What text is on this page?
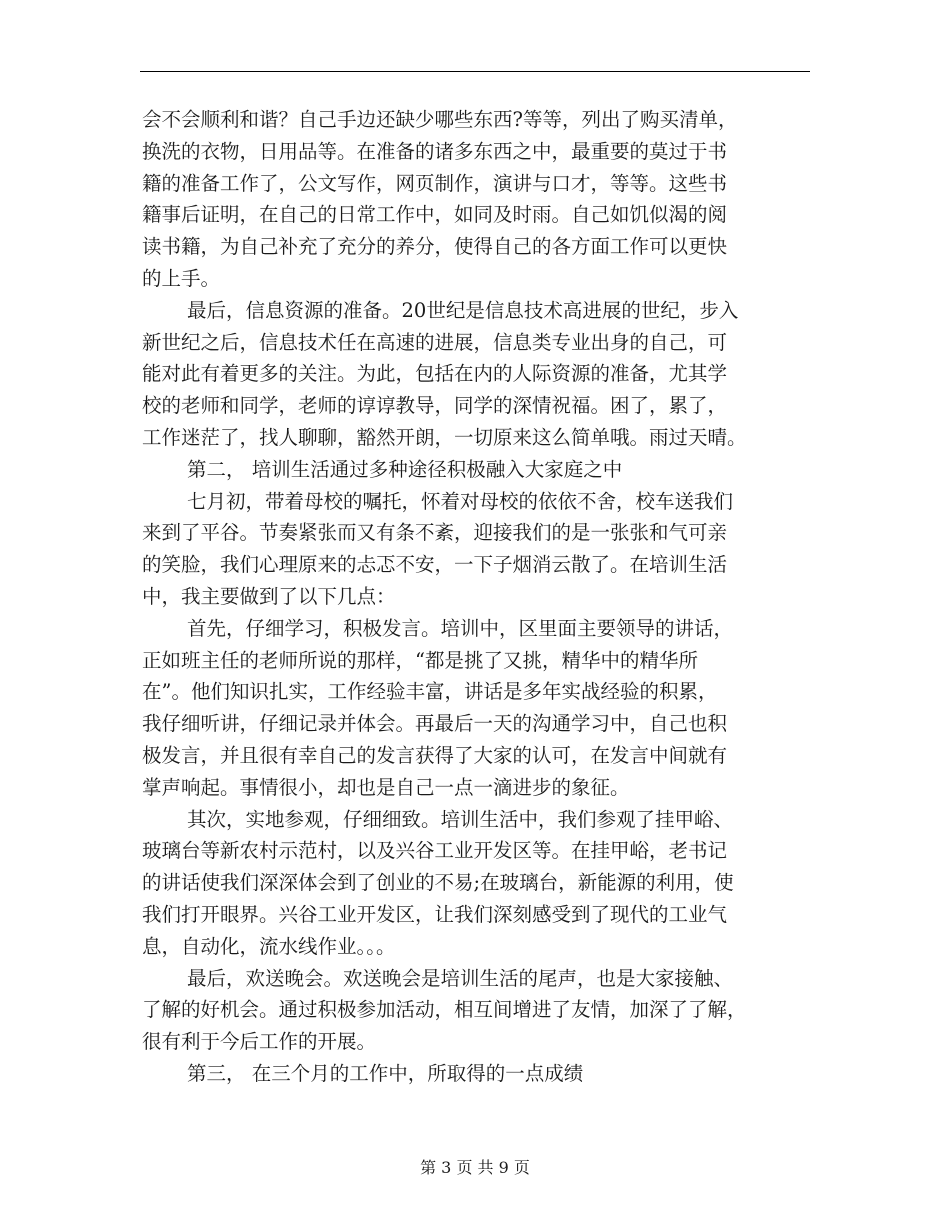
会不会顺利和谐？自己手边还缺少哪些东西?等等，列出了购买清单，
换洗的衣物，日用品等。在准备的诸多东西之中，最重要的莫过于书
籍的准备工作了，公文写作，网页制作，演讲与口才，等等。这些书
籍事后证明，在自己的日常工作中，如同及时雨。自己如饥似渴的阅
读书籍，为自己补充了充分的养分，使得自己的各方面工作可以更快
的上手。
最后，信息资源的准备。20世纪是信息技术高进展的世纪，步入
新世纪之后，信息技术任在高速的进展，信息类专业出身的自己，可
能对此有着更多的关注。为此，包括在内的人际资源的准备，尤其学
校的老师和同学，老师的谆谆教导，同学的深情祝福。困了，累了，
工作迷茫了，找人聊聊，豁然开朗，一切原来这么简单哦。雨过天晴。
第二， 培训生活通过多种途径积极融入大家庭之中
七月初，带着母校的嘱托，怀着对母校的依依不舍，校车送我们
来到了平谷。节奏紧张而又有条不紊，迎接我们的是一张张和气可亲
的笑脸，我们心理原来的忐忑不安，一下子烟消云散了。在培训生活
中，我主要做到了以下几点：
首先，仔细学习，积极发言。培训中，区里面主要领导的讲话，
正如班主任的老师所说的那样，“都是挑了又挑，精华中的精华所
在”。他们知识扎实，工作经验丰富，讲话是多年实战经验的积累，
我仔细听讲，仔细记录并体会。再最后一天的沟通学习中，自己也积
极发言，并且很有幸自己的发言获得了大家的认可，在发言中间就有
掌声响起。事情很小，却也是自己一点一滴进步的象征。
其次，实地参观，仔细细致。培训生活中，我们参观了挂甲峪、
玻璃台等新农村示范村，以及兴谷工业开发区等。在挂甲峪，老书记
的讲话使我们深深体会到了创业的不易;在玻璃台，新能源的利用，使
我们打开眼界。兴谷工业开发区，让我们深刻感受到了现代的工业气
息，自动化，流水线作业。。。
最后，欢送晚会。欢送晚会是培训生活的尾声，也是大家接触、
了解的好机会。通过积极参加活动，相互间增进了友情，加深了了解，
很有利于今后工作的开展。
第三， 在三个月的工作中，所取得的一点成绩
第 3 页 共 9 页
